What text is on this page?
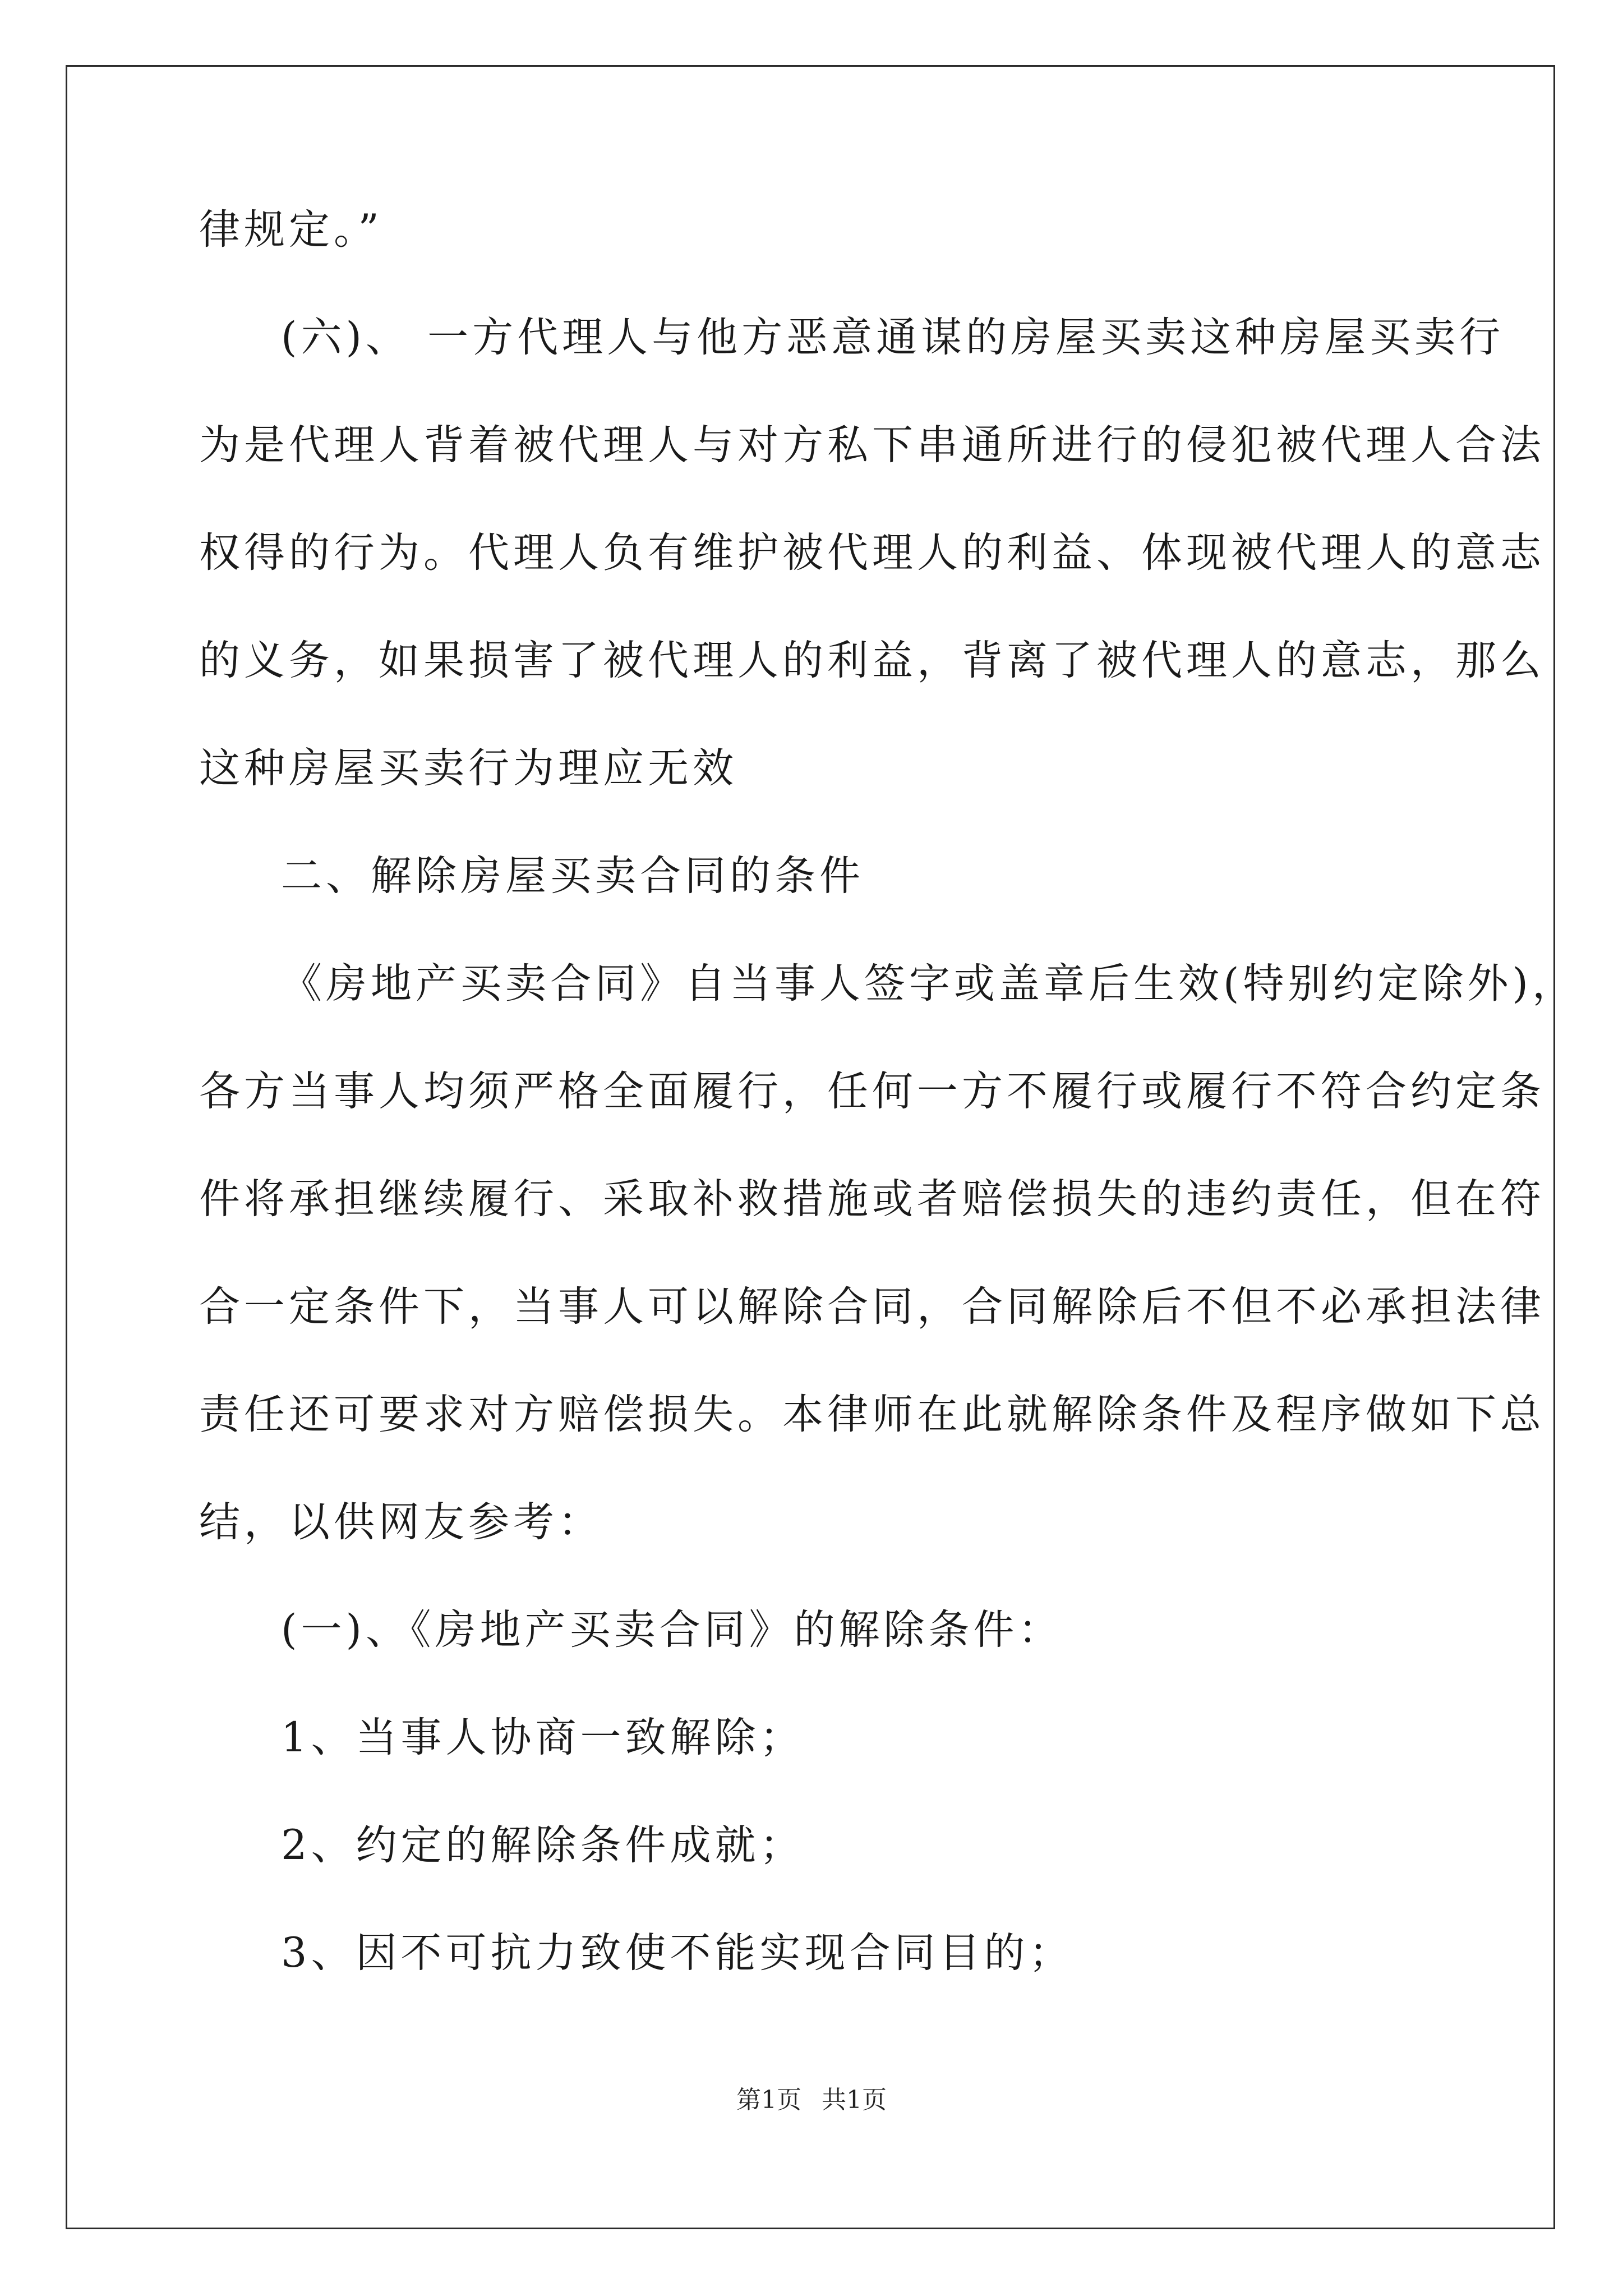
律规定。”
(六)、 一方代理人与他方恶意通谋的房屋买卖这种房屋买卖行
为是代理人背着被代理人与对方私下串通所进行的侵犯被代理人合法
权得的行为。代理人负有维护被代理人的利益、体现被代理人的意志
的义务，如果损害了被代理人的利益，背离了被代理人的意志，那么
这种房屋买卖行为理应无效
二、解除房屋买卖合同的条件
《房地产买卖合同》自当事人签字或盖章后生效(特别约定除外)，
各方当事人均须严格全面履行，任何一方不履行或履行不符合约定条
件将承担继续履行、采取补救措施或者赔偿损失的违约责任，但在符
合一定条件下，当事人可以解除合同，合同解除后不但不必承担法律
责任还可要求对方赔偿损失。本律师在此就解除条件及程序做如下总
结，以供网友参考：
(一)、《房地产买卖合同》的解除条件：
1、当事人协商一致解除；
2、约定的解除条件成就；
3、因不可抗力致使不能实现合同目的；
第1页 共1页
